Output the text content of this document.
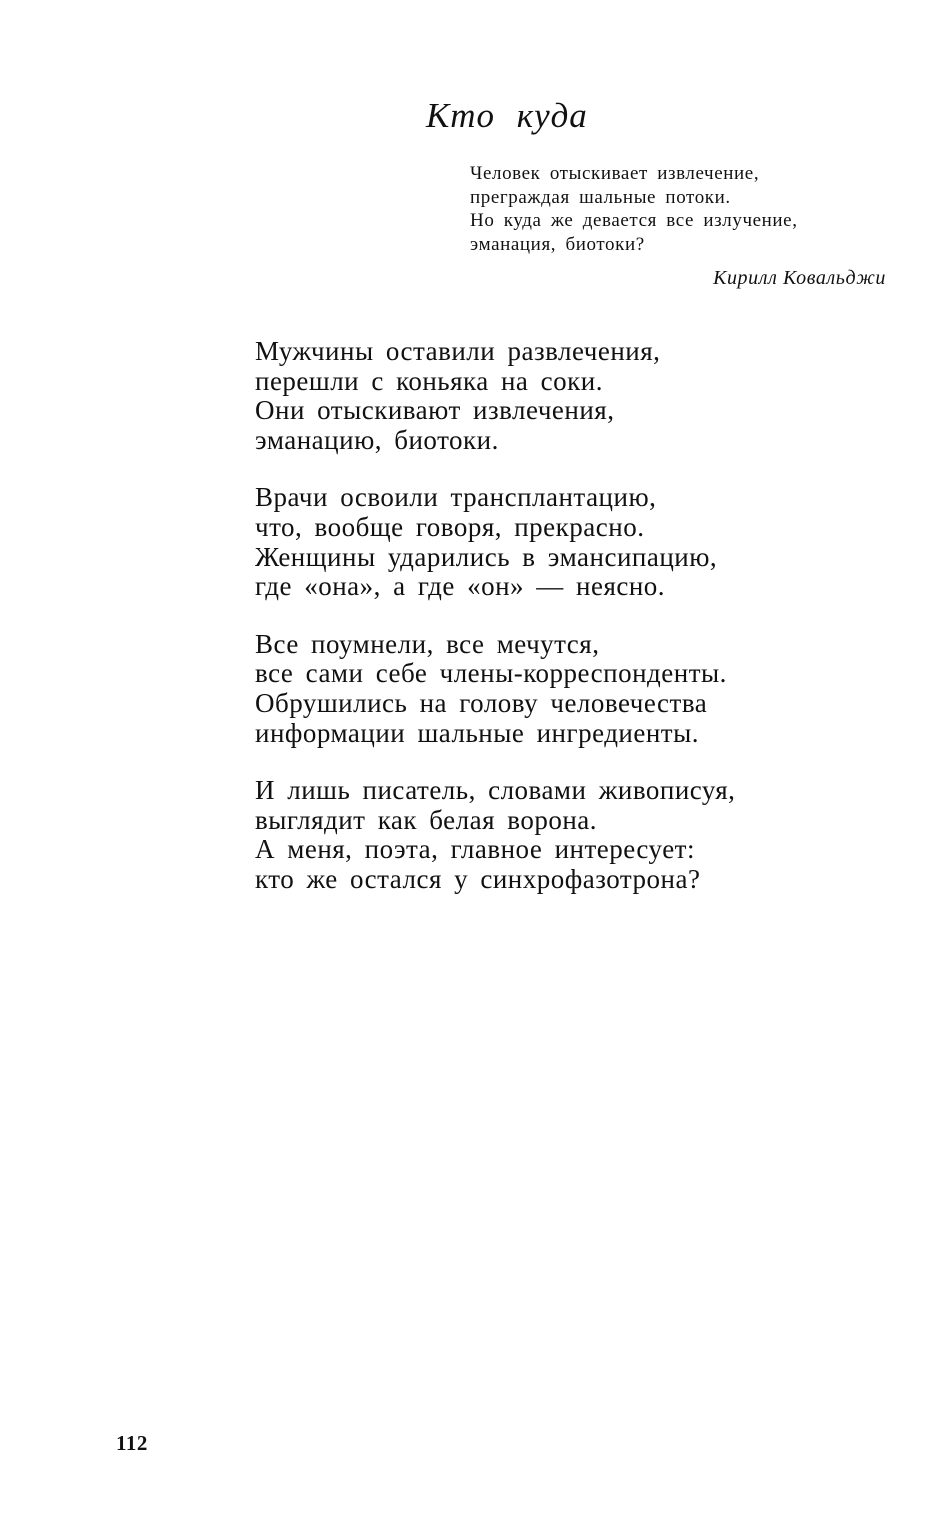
Кто куда
Человек отыскивает извлечение,
преграждая шальные потоки.
Но куда же девается все излучение,
эманация, биотоки?
Кирилл Ковальджи
Мужчины оставили развлечения,
перешли с коньяка на соки.
Они отыскивают извлечения,
эманацию, биотоки.
Врачи освоили трансплантацию,
что, вообще говоря, прекрасно.
Женщины ударились в эмансипацию,
где «она», а где «он» — неясно.
Все поумнели, все мечутся,
все сами себе члены-корреспонденты.
Обрушились на голову человечества
информации шальные ингредиенты.
И лишь писатель, словами живописуя,
выглядит как белая ворона.
А меня, поэта, главное интересует:
кто же остался у синхрофазотрона?
112
